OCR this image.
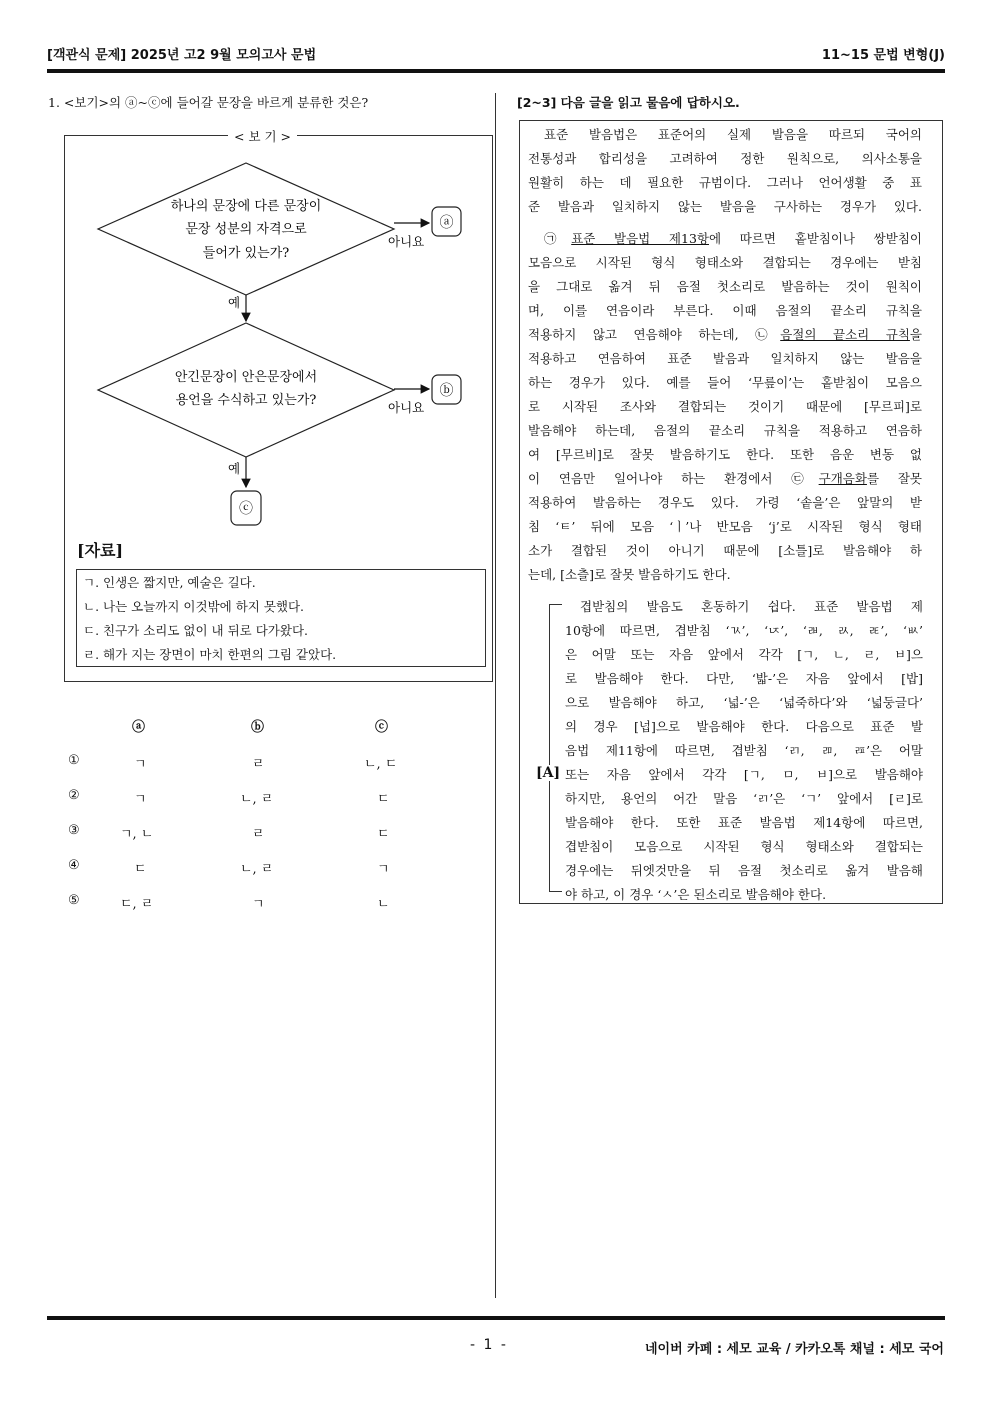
[객관식 문제] 2025년 고2 9월 모의고사 문법	11~15 문법 변형(J)
1. <보기>의 ⓐ~ⓒ에 들어갈 문장을 바르게 분류한 것은?
< 보 기 >
하나의 문장에 다른 문장이
문장 성분의 자격으로
들어가 있는가?
아니요
ⓐ
예
안긴문장이 안은문장에서
용언을 수식하고 있는가?	아니요
ⓑ
예
ⓒ
[자료]
ㄱ. 인생은 짧지만, 예술은 길다.
ㄴ. 나는 오늘까지 이것밖에 하지 못했다.
ㄷ. 친구가 소리도 없이 내 뒤로 다가왔다.
ㄹ. 해가 지는 장면이 마치 한편의 그림 같았다.
ⓐ	ⓑ	ⓒ
①	ㄱ	ㄹ	ㄴ, ㄷ
②	ㄱ	ㄴ, ㄹ	ㄷ
③	ㄱ, ㄴ	ㄹ	ㄷ
④	ㄷ	ㄴ, ㄹ	ㄱ
⑤	ㄷ, ㄹ	ㄱ	ㄴ
[2~3] 다음 글을 읽고 물음에 답하시오.
표준 발음법은 표준어의 실제 발음을 따르되 국어의
전통성과 합리성을 고려하여 정한 원칙으로, 의사소통을
원활히 하는 데 필요한 규범이다. 그러나 언어생활 중 표
준 발음과 일치하지 않는 발음을 구사하는 경우가 있다.
㉠표준 발음법 제13항에 따르면 홑받침이나 쌍받침이
모음으로 시작된 형식 형태소와 결합되는 경우에는 받침
을 그대로 옮겨 뒤 음절 첫소리로 발음하는 것이 원칙이
며, 이를 연음이라 부른다. 이때 음절의 끝소리 규칙을
적용하지 않고 연음해야 하는데, ㉡음절의 끝소리 규칙을
적용하고 연음하여 표준 발음과 일치하지 않는 발음을
하는 경우가 있다. 예를 들어 ‘무릎이’는 홑받침이 모음으
로 시작된 조사와 결합되는 것이기 때문에 [무르피]로
발음해야 하는데, 음절의 끝소리 규칙을 적용하고 연음하
여 [무르비]로 잘못 발음하기도 한다. 또한 음운 변동 없
이 연음만 일어나야 하는 환경에서 ㉢구개음화를 잘못
적용하여 발음하는 경우도 있다. 가령 ‘솥을’은 앞말의 받
침 ‘ㅌ’ 뒤에 모음 ‘ㅣ’나 반모음 ‘j’로 시작된 형식 형태
소가 결합된 것이 아니기 때문에 [소틀]로 발음해야 하
는데, [소츨]로 잘못 발음하기도 한다.
[A]
겹받침의 발음도 혼동하기 쉽다. 표준 발음법 제
10항에 따르면, 겹받침 ‘ㄳ’, ‘ㄵ’, ‘ㄼ, ㄽ, ㄾ’, ‘ㅄ’
은 어말 또는 자음 앞에서 각각 [ㄱ, ㄴ, ㄹ, ㅂ]으
로 발음해야 한다. 다만, ‘밟-’은 자음 앞에서 [밥]
으로 발음해야 하고, ‘넓-’은 ‘넓죽하다’와 ‘넓둥글다’
의 경우 [넙]으로 발음해야 한다. 다음으로 표준 발
음법 제11항에 따르면, 겹받침 ‘ㄺ, ㄻ, ㄿ’은 어말
또는 자음 앞에서 각각 [ㄱ, ㅁ, ㅂ]으로 발음해야
하지만, 용언의 어간 말음 ‘ㄺ’은 ‘ㄱ’ 앞에서 [ㄹ]로
발음해야 한다. 또한 표준 발음법 제14항에 따르면,
겹받침이 모음으로 시작된 형식 형태소와 결합되는
경우에는 뒤엣것만을 뒤 음절 첫소리로 옮겨 발음해
야 하고, 이 경우 ‘ㅅ’은 된소리로 발음해야 한다.
- 1 -	네이버 카페 : 세모 교육 / 카카오톡 채널 : 세모 국어
